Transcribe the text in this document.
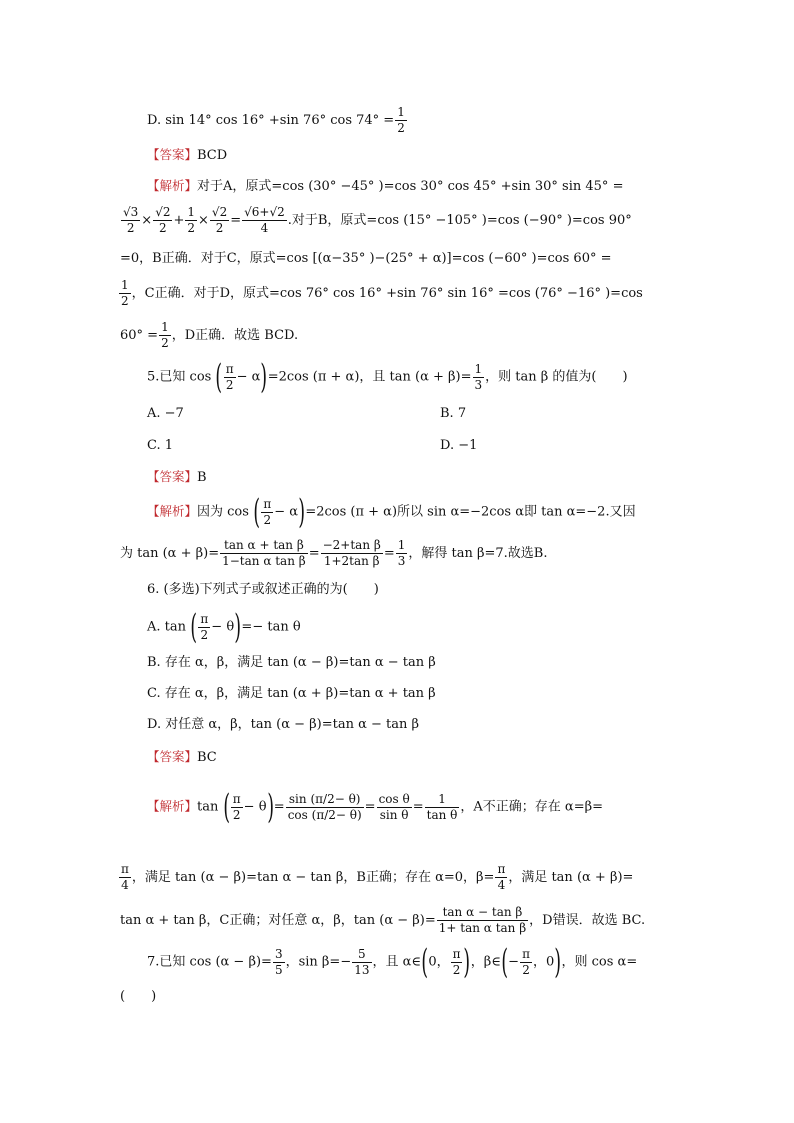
D. sin 14° cos 16° +sin 76° $\cos 74^\circ = \frac{1}{2}$
【答案】BCD
【解析】对于A，原式=cos (30° −45° )=cos 30° cos 45° +sin 30° sin 45° =
$\frac{√3}{2} \times \frac{√2}{2} + \frac{1}{2} \times \frac{√2}{2} = \frac{√6+√2}{4}$ .对于B，原式=cos (15° −105° )=cos (−90° )=cos 90°
=0，B正确．对于C，原式=cos [(α−35° )−(25° + α)]=cos (−60° )=cos 60° =
$\frac{1}{2}$ ，C正确．对于D，原式=cos 76° cos 16° +sin 76° sin 16° =cos (76° −16° )=cos
$60^\circ = \frac{1}{2}$ ，D正确．故选 BCD.
5.已知 cos ( $\frac{\pi}{2} - \alpha)=2\cos$ (π + α)，且 $\tan (\alpha + \beta)= \frac{1}{3}$ ，则 tan β 的值为(　　)
A. −7	B. 7
C. 1	D. −1
【答案】B
【解析】因为 cos ( $\frac{\pi}{2} - \alpha)=2\cos$ (π + α)所以 sin α=−2cos α即 tan α=−2.又因
为 $\tan (\alpha + \beta)= \frac{\text{tan α + tan β}}{\text{1−tan α tan β}} = \frac{\text{−2+tan β}}{\text{1+2tan β}} = \frac{1}{3}$ ，解得 tan β=7.故选B.
6. (多选)下列式子或叙述正确的为(　　)
A. tan ( $\frac{\pi}{2} - \theta)=- \tan \theta$
B. 存在 α，β，满足 tan (α − β)=tan α − tan β
C. 存在 α，β，满足 tan (α + β)=tan α + tan β
D. 对任意 α，β，tan (α − β)=tan α − tan β
【答案】BC
【解析】tan ( $\frac{\pi}{2} - \theta)= \frac{\sin (\pi/2- \theta)}{\cos (\pi/2- \theta)} = \frac{\text{cos θ}}{\text{sin θ}} = \frac{1}{\text{tan θ}}$ ，A不正确；存在 α=β=
$\frac{\pi}{4}$ ，满足 tan (α − β)=tan α − tan β，B正确；存在 α=0，$\beta= \frac{\pi}{4}$ ，满足 tan (α + β)=
tan α + tan β，C正确；对任意 α，β，$\tan (\alpha - \beta)= \frac{\text{tan α − tan β}}{\text{1+ tan α tan β}}$ ，D错误．故选 BC.
7.已知 $\cos (\alpha - \beta)= \frac{3}{5}$ ，$\sin \beta=- \frac{5}{13}$ ，且 α∈(0， $\frac{\pi}{2}$ )，β∈(− $\frac{\pi}{2}$ ，0)，则 cos α=
(　　)
